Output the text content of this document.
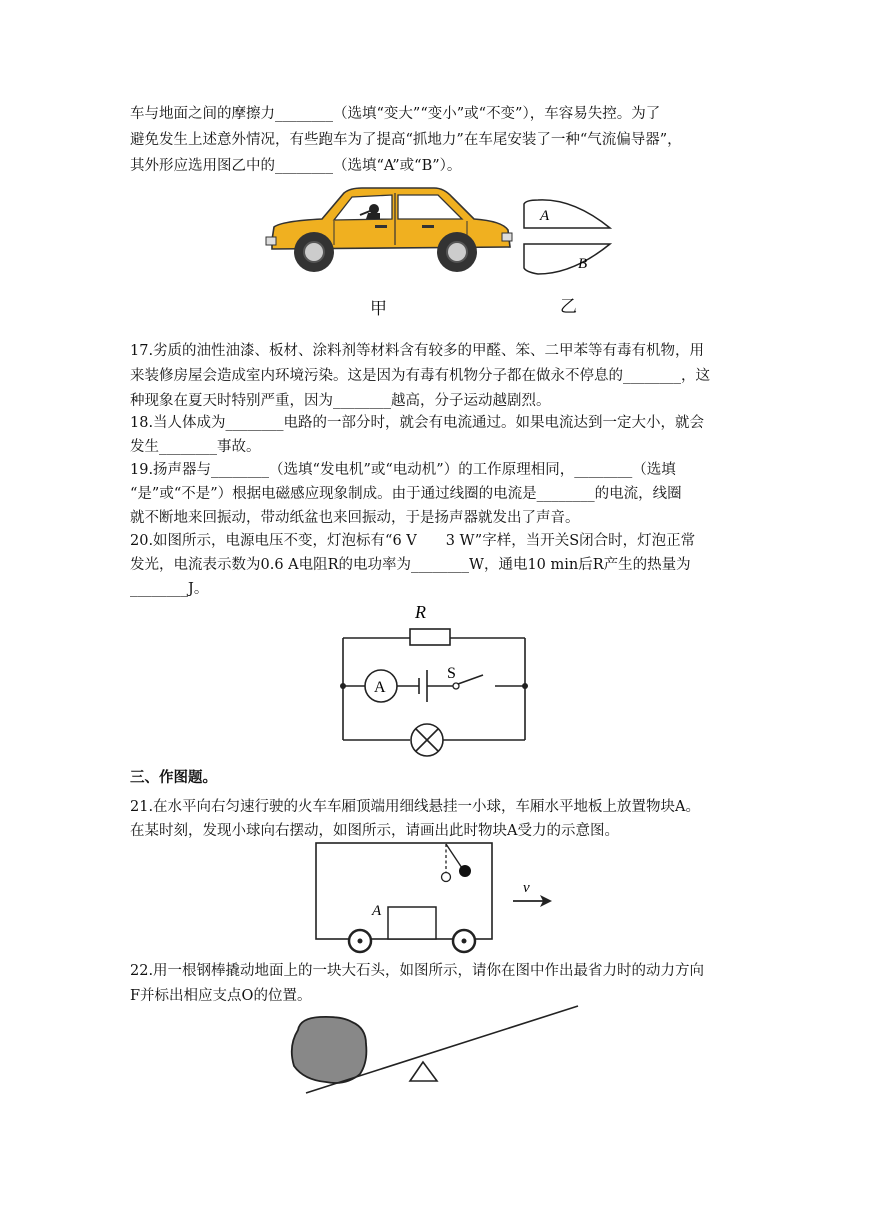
车与地面之间的摩擦力________（选填“变大”“变小”或“不变”），车容易失控。为了
避免发生上述意外情况，有些跑车为了提高“抓地力”在车尾安装了一种“气流偏导器”，
其外形应选用图乙中的________（选填“A”或“B”）。
A
B
甲	乙
17.劣质的油性油漆、板材、涂料剂等材料含有较多的甲醛、笨、二甲苯等有毒有机物，用
来装修房屋会造成室内环境污染。这是因为有毒有机物分子都在做永不停息的________，这
种现象在夏天时特别严重，因为________越高，分子运动越剧烈。
18.当人体成为________电路的一部分时，就会有电流通过。如果电流达到一定大小，就会
发生________事故。
19.扬声器与________（选填“发电机”或“电动机”）的工作原理相同，________（选填
“是”或“不是”）根据电磁感应现象制成。由于通过线圈的电流是________的电流，线圈
就不断地来回振动，带动纸盆也来回振动，于是扬声器就发出了声音。
20.如图所示，电源电压不变，灯泡标有“6 V　　3 W”字样，当开关S闭合时，灯泡正常
发光，电流表示数为0.6 A电阻R的电功率为________W，通电10 min后R产生的热量为
________J。
R
A
S
三、作图题。
21.在水平向右匀速行驶的火车车厢顶端用细线悬挂一小球，车厢水平地板上放置物块A。
在某时刻，发现小球向右摆动，如图所示，请画出此时物块A受力的示意图。
A
v
22.用一根钢棒撬动地面上的一块大石头，如图所示，请你在图中作出最省力时的动力方向
F并标出相应支点O的位置。
